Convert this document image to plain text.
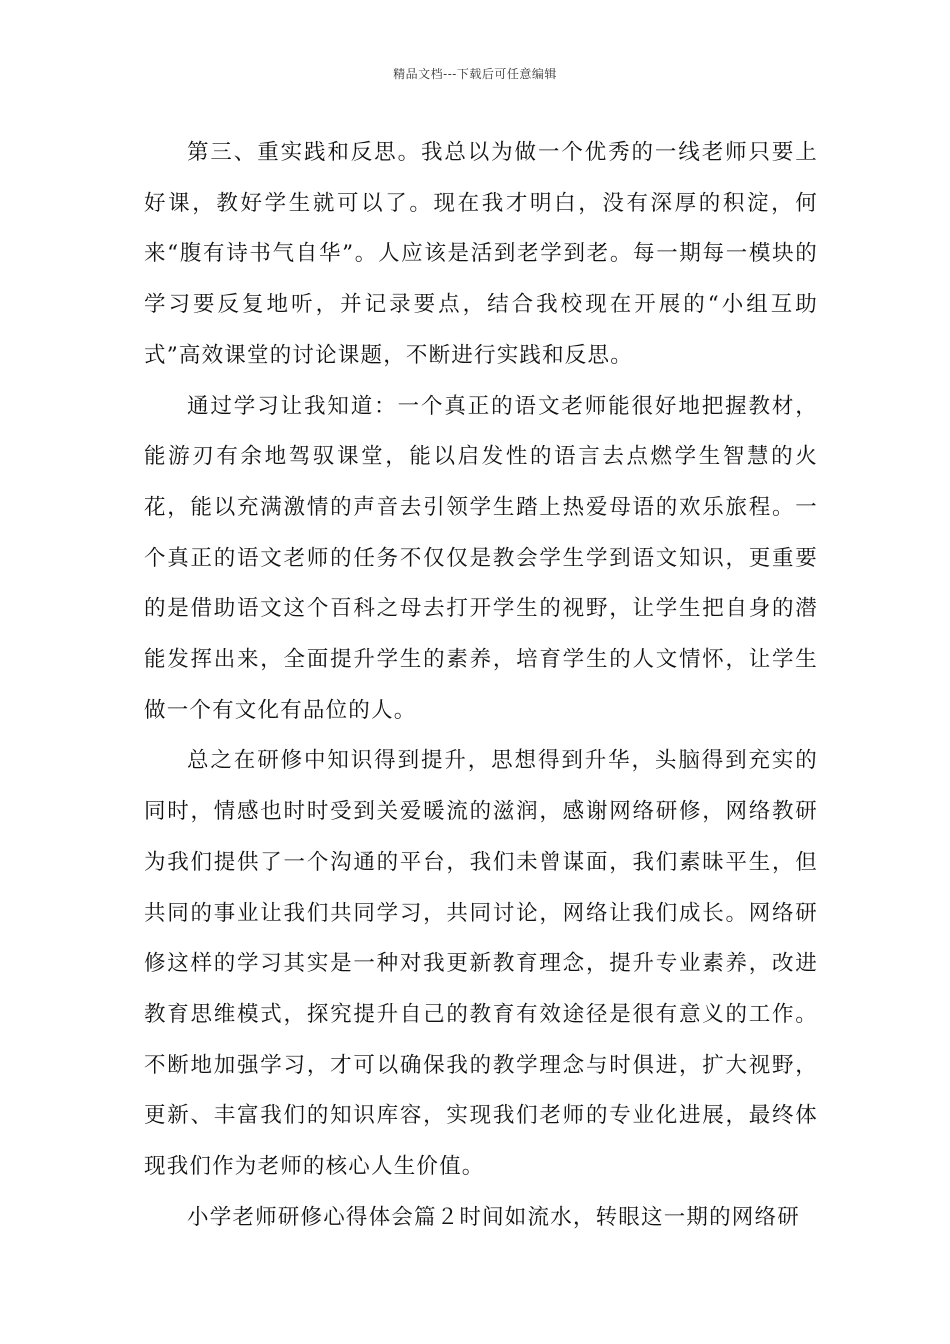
精品文档---下载后可任意编辑

第三、重实践和反思。我总以为做一个优秀的一线老师只要上好课，教好学生就可以了。现在我才明白，没有深厚的积淀，何来“腹有诗书气自华”。人应该是活到老学到老。每一期每一模块的学习要反复地听，并记录要点，结合我校现在开展的“小组互助式”高效课堂的讨论课题，不断进行实践和反思。

通过学习让我知道：一个真正的语文老师能很好地把握教材，能游刃有余地驾驭课堂，能以启发性的语言去点燃学生智慧的火花，能以充满激情的声音去引领学生踏上热爱母语的欢乐旅程。一个真正的语文老师的任务不仅仅是教会学生学到语文知识，更重要的是借助语文这个百科之母去打开学生的视野，让学生把自身的潜能发挥出来，全面提升学生的素养，培育学生的人文情怀，让学生做一个有文化有品位的人。

总之在研修中知识得到提升，思想得到升华，头脑得到充实的同时，情感也时时受到关爱暖流的滋润，感谢网络研修，网络教研为我们提供了一个沟通的平台，我们未曾谋面，我们素昧平生，但共同的事业让我们共同学习，共同讨论，网络让我们成长。网络研修这样的学习其实是一种对我更新教育理念，提升专业素养，改进教育思维模式，探究提升自己的教育有效途径是很有意义的工作。不断地加强学习，才可以确保我的教学理念与时俱进，扩大视野，更新、丰富我们的知识库容，实现我们老师的专业化进展，最终体现我们作为老师的核心人生价值。

小学老师研修心得体会篇２时间如流水，转眼这一期的网络研
